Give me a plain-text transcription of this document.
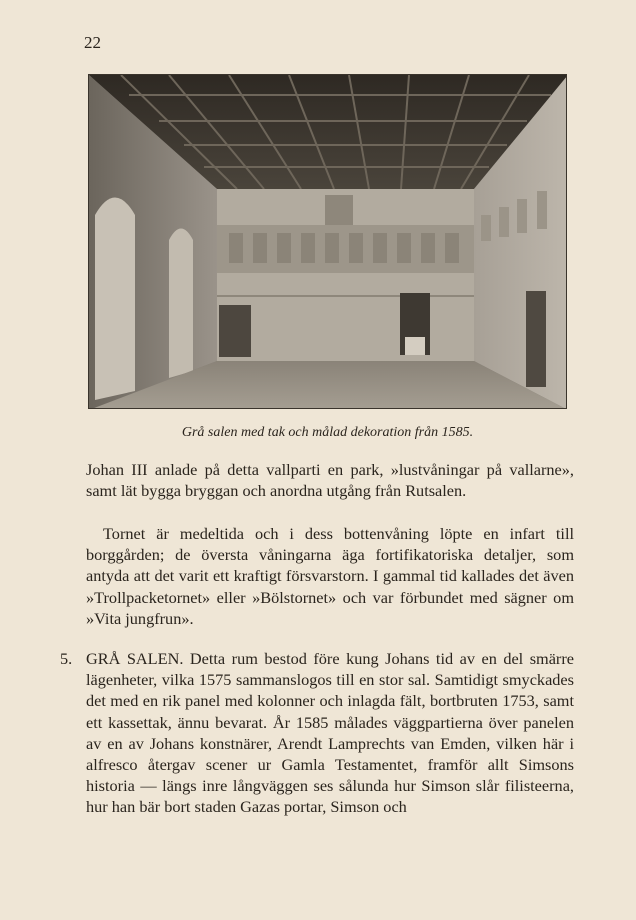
22
Grå salen med tak och målad dekoration från 1585.

Johan III anlade på detta vallparti en park, »lustvåningar på vallarne», samt lät bygga bryggan och anordna utgång från Rutsalen.

Tornet är medeltida och i dess bottenvåning löpte en infart till borggården; de översta våningarna äga fortifikatoriska detaljer, som antyda att det varit ett kraftigt försvarstorn. I gammal tid kallades det även »Trollpacketornet» eller »Bölstornet» och var förbundet med sägner om »Vita jungfrun».

5. GRÅ SALEN. Detta rum bestod före kung Johans tid av en del smärre lägenheter, vilka 1575 sammanslogos till en stor sal. Samtidigt smyckades det med en rik panel med kolonner och inlagda fält, bortbruten 1753, samt ett kassettak, ännu bevarat. År 1585 målades väggpartierna över panelen av en av Johans konstnärer, Arendt Lamprechts van Emden, vilken här i alfresco återgav scener ur Gamla Testamentet, framför allt Simsons historia — längs inre långväggen ses sålunda hur Simson slår filisteerna, hur han bär bort staden Gazas portar, Simson och
